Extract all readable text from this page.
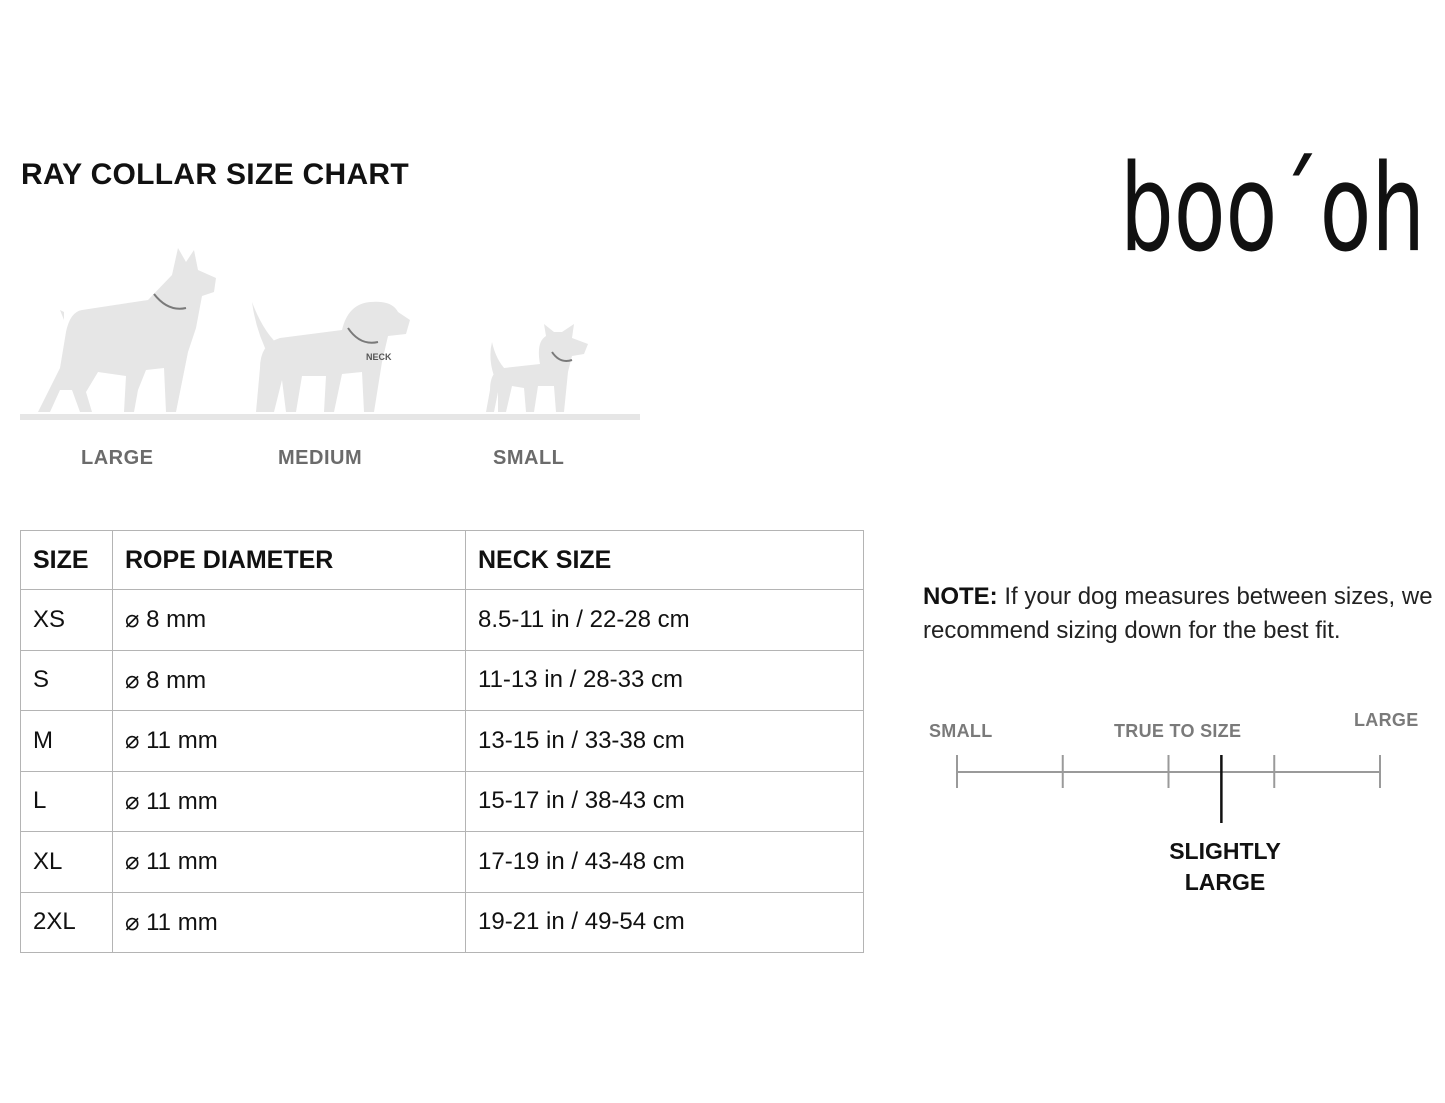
RAY COLLAR SIZE CHART	boo´oh
NECK
LARGE	MEDIUM	SMALL
SIZE	ROPE DIAMETER	NECK SIZE
XS	⌀ 8 mm	8.5-11 in / 22-28 cm
S	⌀ 8 mm	11-13 in / 28-33 cm
M	⌀ 11 mm	13-15 in / 33-38 cm
L	⌀ 11 mm	15-17 in / 38-43 cm
XL	⌀ 11 mm	17-19 in / 43-48 cm
2XL	⌀ 11 mm	19-21 in / 49-54 cm
NOTE: If your dog measures between sizes, we recommend sizing down for the best fit.
SMALL	TRUE TO SIZE
LARGE
SLIGHTLY
LARGE
